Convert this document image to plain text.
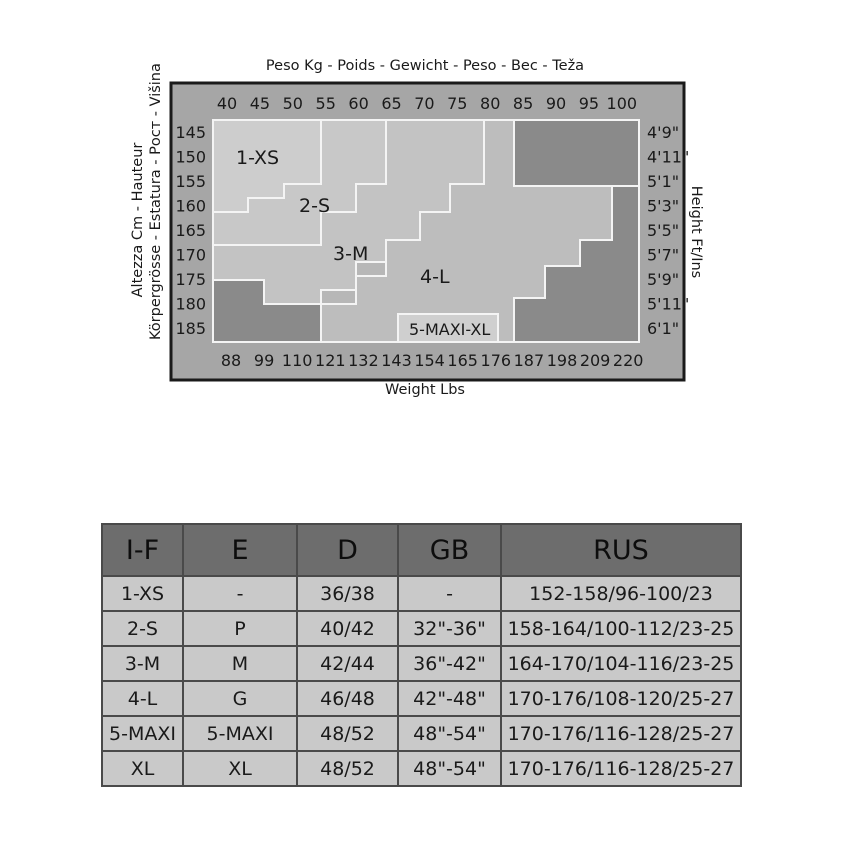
Peso Kg - Poids - Gewicht - Peso - Bec - Teža
1-XS
2-S
3-M
4-L
5-MAXI-XL
40 45 50 55 60 65 70 75 80 85 90 95 100
88 99 110 121 132 143 154 165 176 187 198 209 220
145
150
155
160
165
170
175
180
185
4'9"
4'11"
5'1"
5'3"
5'5"
5'7"
5'9"
5'11"
6'1"
Altezza Cm - Hauteur Körpergrösse - Estatura - Рост - Višina	Height Ft/Ins
Weight Lbs
I-F	E	D	GB	RUS
1-XS	-	36/38	-	152-158/96-100/23
2-S	P	40/42	32"-36"	158-164/100-112/23-25
3-M	M	42/44	36"-42"	164-170/104-116/23-25
4-L	G	46/48	42"-48"	170-176/108-120/25-27
5-MAXI	5-MAXI	48/52	48"-54"	170-176/116-128/25-27
XL	XL	48/52	48"-54"	170-176/116-128/25-27
